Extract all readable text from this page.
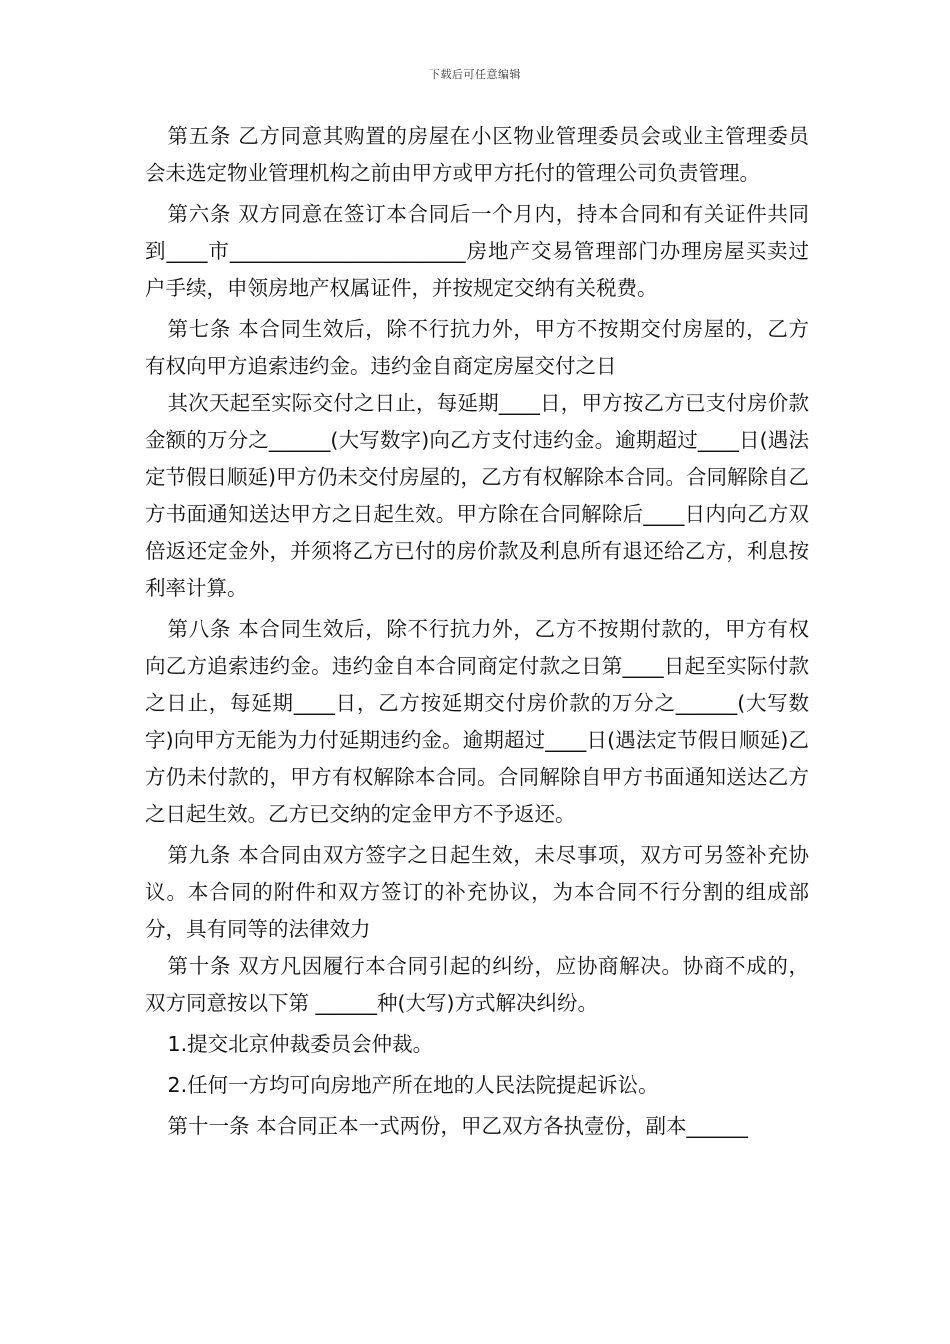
下载后可任意编辑

第五条 乙方同意其购置的房屋在小区物业管理委员会或业主管理委员会未选定物业管理机构之前由甲方或甲方托付的管理公司负责管理。

第六条 双方同意在签订本合同后一个月内，持本合同和有关证件共同到____市_______________________房地产交易管理部门办理房屋买卖过户手续，申领房地产权属证件，并按规定交纳有关税费。

第七条 本合同生效后，除不行抗力外，甲方不按期交付房屋的，乙方有权向甲方追索违约金。违约金自商定房屋交付之日

其次天起至实际交付之日止，每延期____日，甲方按乙方已支付房价款金额的万分之______(大写数字)向乙方支付违约金。逾期超过____日(遇法定节假日顺延)甲方仍未交付房屋的，乙方有权解除本合同。合同解除自乙方书面通知送达甲方之日起生效。甲方除在合同解除后____日内向乙方双倍返还定金外，并须将乙方已付的房价款及利息所有退还给乙方，利息按 利率计算。

第八条 本合同生效后，除不行抗力外，乙方不按期付款的，甲方有权向乙方追索违约金。违约金自本合同商定付款之日第____日起至实际付款之日止，每延期____日，乙方按延期交付房价款的万分之______(大写数字)向甲方无能为力付延期违约金。逾期超过____日(遇法定节假日顺延)乙方仍未付款的，甲方有权解除本合同。合同解除自甲方书面通知送达乙方之日起生效。乙方已交纳的定金甲方不予返还。

第九条 本合同由双方签字之日起生效，未尽事项，双方可另签补充协议。本合同的附件和双方签订的补充协议，为本合同不行分割的组成部分，具有同等的法律效力

第十条 双方凡因履行本合同引起的纠纷，应协商解决。协商不成的，双方同意按以下第 ______种(大写)方式解决纠纷。

1.提交北京仲裁委员会仲裁。

2.任何一方均可向房地产所在地的人民法院提起诉讼。

第十一条 本合同正本一式两份，甲乙双方各执壹份，副本______
